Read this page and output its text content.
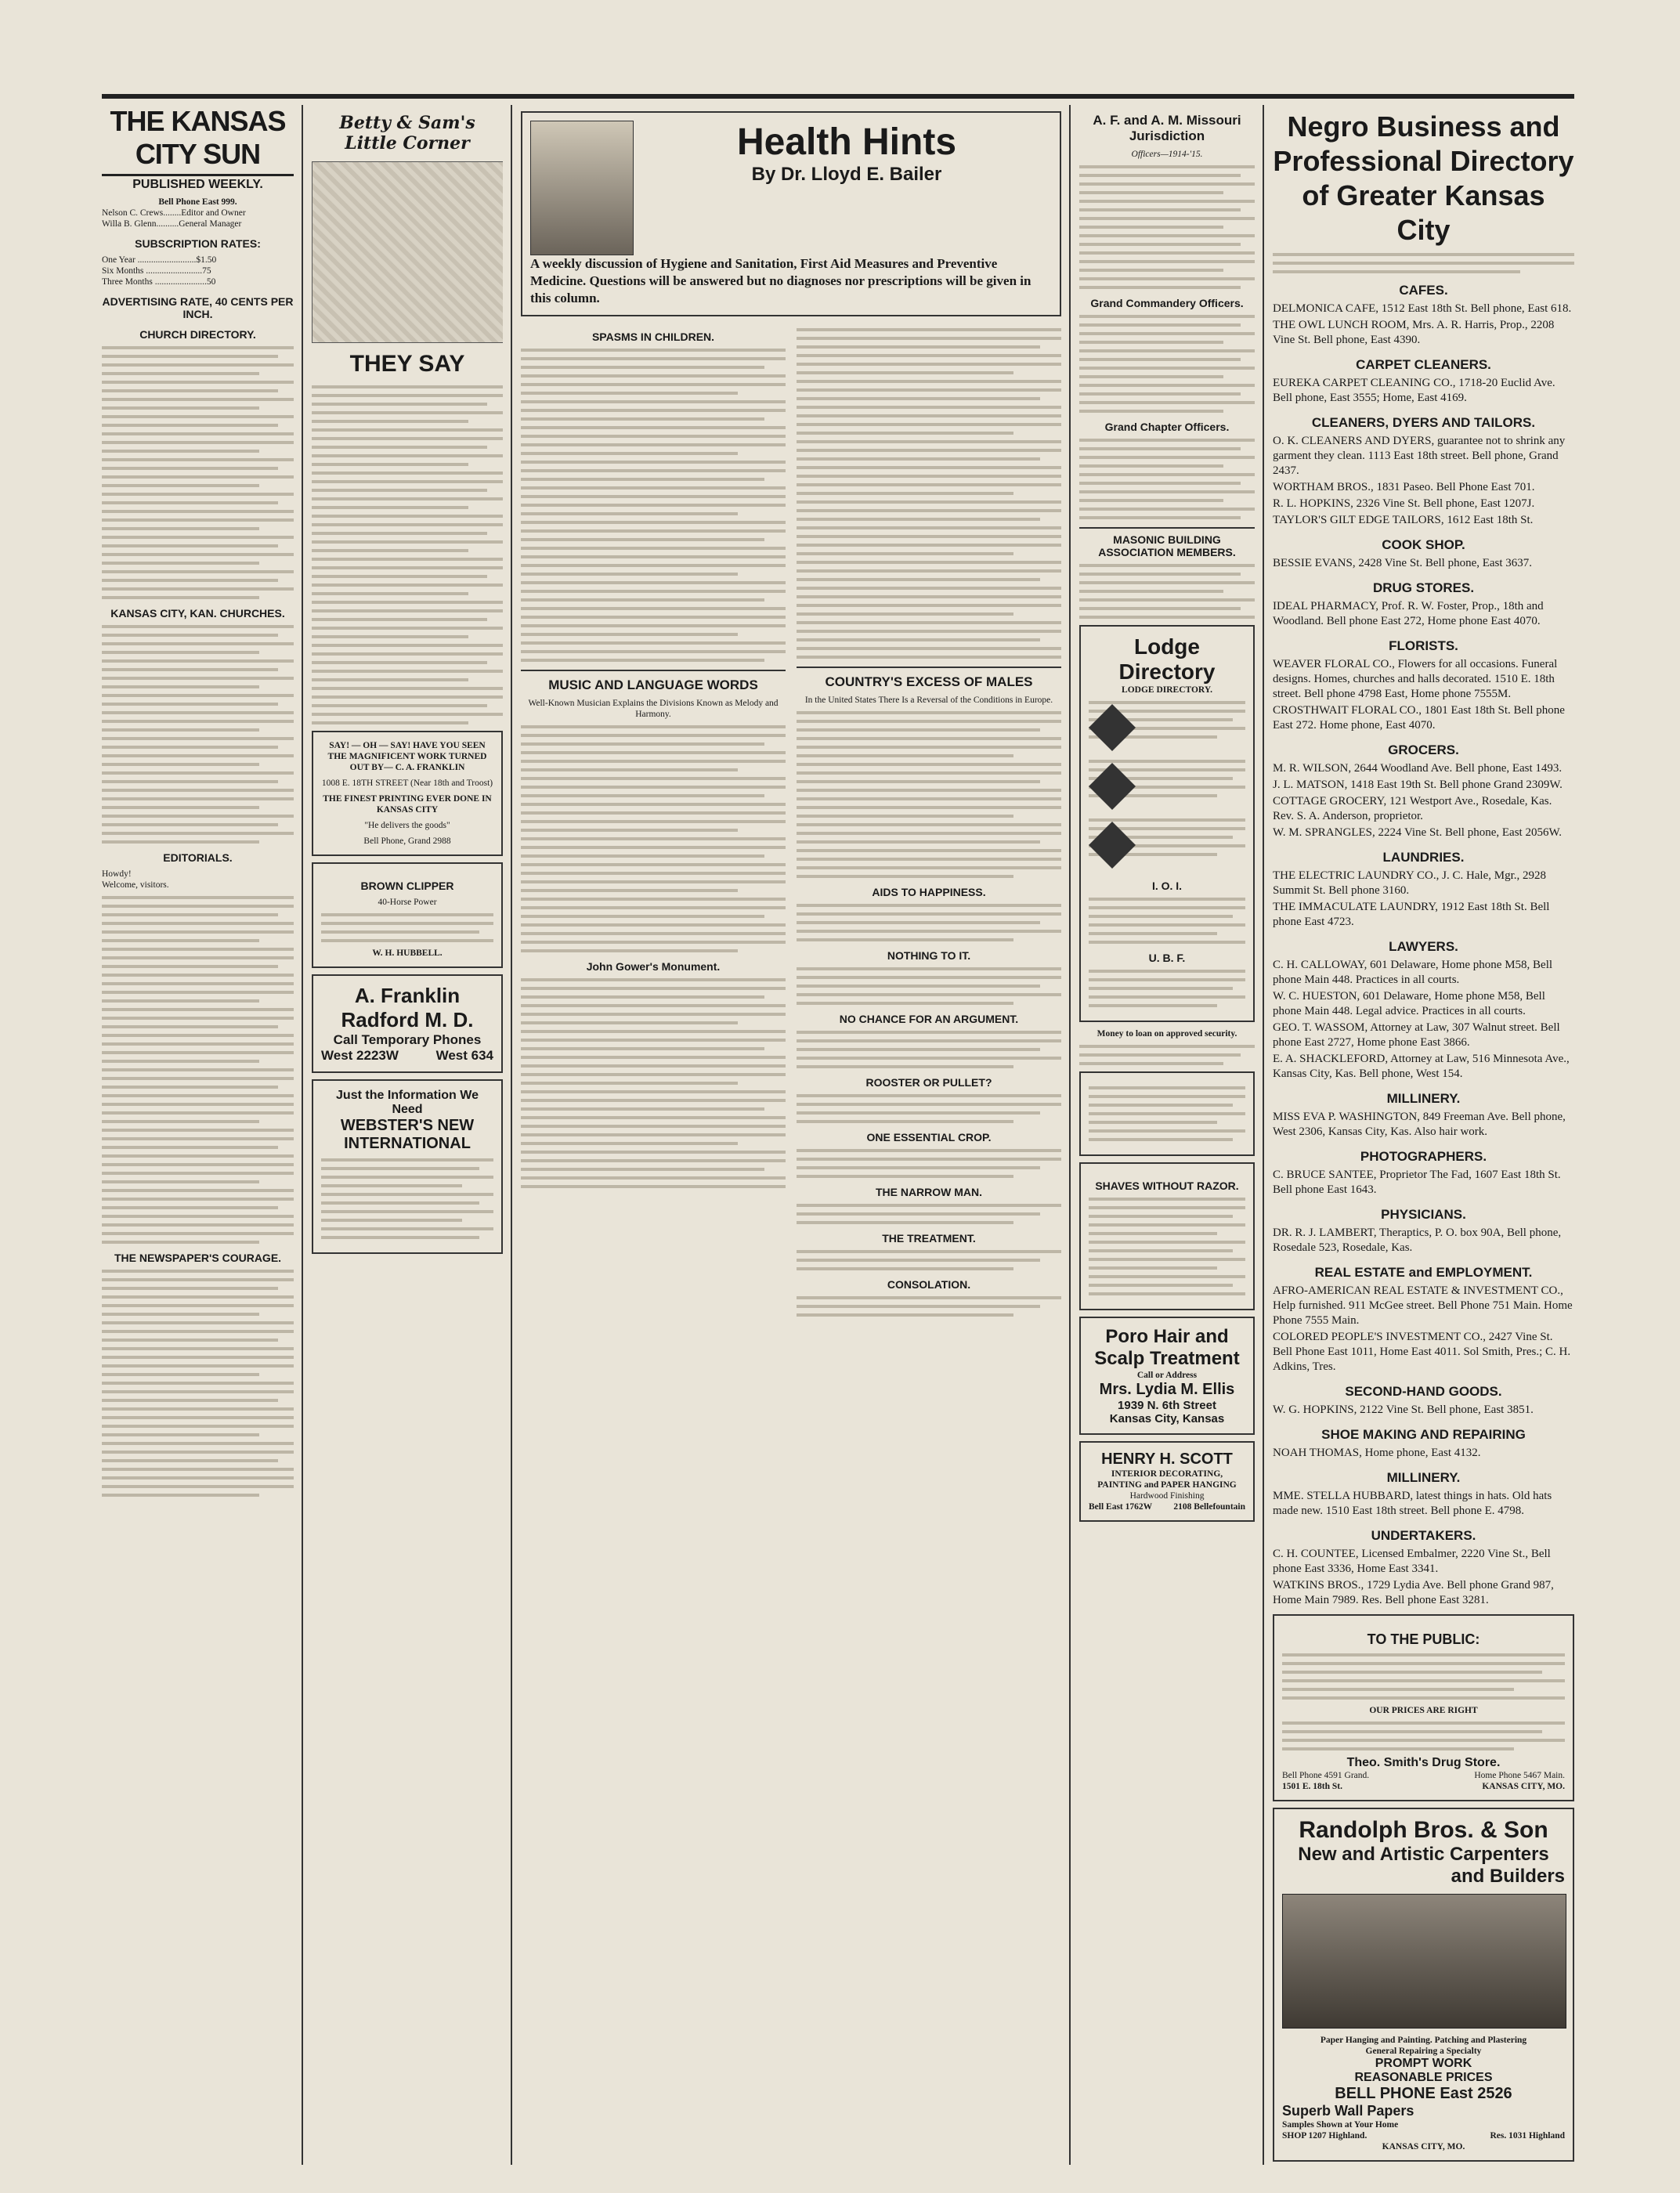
THE KANSAS CITY SUN
PUBLISHED WEEKLY.
Bell Phone East 999.
Nelson C. Crews........Editor and Owner
Willa B. Glenn..........General Manager
SUBSCRIPTION RATES:
One Year ..........................$1.50
Six Months .........................75
Three Months .......................50
ADVERTISING RATE, 40 CENTS PER INCH.
CHURCH DIRECTORY.
KANSAS CITY, KAN. CHURCHES.
EDITORIALS.
Howdy!
Welcome, visitors.
THE NEWSPAPER'S COURAGE.
Betty & Sam's Little Corner
THEY SAY
SAY! — OH — SAY! HAVE YOU SEEN THE MAGNIFICENT WORK TURNED OUT BY— C. A. FRANKLIN
1008 E. 18TH STREET (Near 18th and Troost)
THE FINEST PRINTING EVER DONE IN KANSAS CITY
"He delivers the goods"
Bell Phone, Grand 2988
BROWN CLIPPER
40-Horse Power
W. H. HUBBELL.
A. Franklin Radford M. D.
Call Temporary Phones
West 2223W	West 634
Just the Information We Need
WEBSTER'S NEW INTERNATIONAL
Health Hints
By Dr. Lloyd E. Bailer
A weekly discussion of Hygiene and Sanitation, First Aid Measures and Preventive Medicine. Questions will be answered but no diagnoses nor prescriptions will be given in this column.
SPASMS IN CHILDREN.
MUSIC AND LANGUAGE WORDS
Well-Known Musician Explains the Divisions Known as Melody and Harmony.
John Gower's Monument.
COUNTRY'S EXCESS OF MALES
In the United States There Is a Reversal of the Conditions in Europe.
AIDS TO HAPPINESS.
NOTHING TO IT.
NO CHANCE FOR AN ARGUMENT.
ROOSTER OR PULLET?
ONE ESSENTIAL CROP.
THE NARROW MAN.
THE TREATMENT.
CONSOLATION.
A. F. and A. M. Missouri Jurisdiction
Officers—1914-'15.
Grand Commandery Officers.
Grand Chapter Officers.
MASONIC BUILDING ASSOCIATION MEMBERS.
Lodge Directory
LODGE DIRECTORY.
I. O. I.
U. B. F.
Money to loan on approved security.
SHAVES WITHOUT RAZOR.
Poro Hair and Scalp Treatment
Call or Address
Mrs. Lydia M. Ellis
1939 N. 6th Street
Kansas City, Kansas
HENRY H. SCOTT
INTERIOR DECORATING, PAINTING and PAPER HANGING
Hardwood Finishing
Bell East 1762W 2108 Bellefountain
Negro Business and Professional Directory of Greater Kansas City
CAFES.
DELMONICA CAFE, 1512 East 18th St. Bell phone, East 618.
THE OWL LUNCH ROOM, Mrs. A. R. Harris, Prop., 2208 Vine St. Bell phone, East 4390.
CARPET CLEANERS.
EUREKA CARPET CLEANING CO., 1718-20 Euclid Ave. Bell phone, East 3555; Home, East 4169.
CLEANERS, DYERS AND TAILORS.
O. K. CLEANERS AND DYERS, guarantee not to shrink any garment they clean. 1113 East 18th street. Bell phone, Grand 2437.
WORTHAM BROS., 1831 Paseo. Bell Phone East 701.
R. L. HOPKINS, 2326 Vine St. Bell phone, East 1207J.
TAYLOR'S GILT EDGE TAILORS, 1612 East 18th St.
COOK SHOP.
BESSIE EVANS, 2428 Vine St. Bell phone, East 3637.
DRUG STORES.
IDEAL PHARMACY, Prof. R. W. Foster, Prop., 18th and Woodland. Bell phone East 272, Home phone East 4070.
FLORISTS.
WEAVER FLORAL CO., Flowers for all occasions. Funeral designs. Homes, churches and halls decorated. 1510 E. 18th street. Bell phone 4798 East, Home phone 7555M.
CROSTHWAIT FLORAL CO., 1801 East 18th St. Bell phone East 272. Home phone, East 4070.
GROCERS.
M. R. WILSON, 2644 Woodland Ave. Bell phone, East 1493.
J. L. MATSON, 1418 East 19th St. Bell phone Grand 2309W.
COTTAGE GROCERY, 121 Westport Ave., Rosedale, Kas. Rev. S. A. Anderson, proprietor.
W. M. SPRANGLES, 2224 Vine St. Bell phone, East 2056W.
LAUNDRIES.
THE ELECTRIC LAUNDRY CO., J. C. Hale, Mgr., 2928 Summit St. Bell phone 3160.
THE IMMACULATE LAUNDRY, 1912 East 18th St. Bell phone East 4723.
LAWYERS.
C. H. CALLOWAY, 601 Delaware, Home phone M58, Bell phone Main 448. Practices in all courts.
W. C. HUESTON, 601 Delaware, Home phone M58, Bell phone Main 448. Legal advice. Practices in all courts.
GEO. T. WASSOM, Attorney at Law, 307 Walnut street. Bell phone East 2727, Home phone East 3866.
E. A. SHACKLEFORD, Attorney at Law, 516 Minnesota Ave., Kansas City, Kas. Bell phone, West 154.
MILLINERY.
MISS EVA P. WASHINGTON, 849 Freeman Ave. Bell phone, West 2306, Kansas City, Kas. Also hair work.
PHOTOGRAPHERS.
C. BRUCE SANTEE, Proprietor The Fad, 1607 East 18th St. Bell phone East 1643.
PHYSICIANS.
DR. R. J. LAMBERT, Theraptics, P. O. box 90A, Bell phone, Rosedale 523, Rosedale, Kas.
REAL ESTATE and EMPLOYMENT.
AFRO-AMERICAN REAL ESTATE & INVESTMENT CO., Help furnished. 911 McGee street. Bell Phone 751 Main. Home Phone 7555 Main.
COLORED PEOPLE'S INVESTMENT CO., 2427 Vine St. Bell Phone East 1011, Home East 4011. Sol Smith, Pres.; C. H. Adkins, Tres.
SECOND-HAND GOODS.
W. G. HOPKINS, 2122 Vine St. Bell phone, East 3851.
SHOE MAKING AND REPAIRING
NOAH THOMAS, Home phone, East 4132.
MILLINERY.
MME. STELLA HUBBARD, latest things in hats. Old hats made new. 1510 East 18th street. Bell phone E. 4798.
UNDERTAKERS.
C. H. COUNTEE, Licensed Embalmer, 2220 Vine St., Bell phone East 3336, Home East 3341.
WATKINS BROS., 1729 Lydia Ave. Bell phone Grand 987, Home Main 7989. Res. Bell phone East 3281.
TO THE PUBLIC:
OUR PRICES ARE RIGHT
Theo. Smith's Drug Store.
Bell Phone 4591 Grand.	Home Phone 5467 Main.
1501 E. 18th St.	KANSAS CITY, MO.
Randolph Bros. & Son
New and Artistic Carpenters
and Builders
Paper Hanging and Painting. Patching and Plastering
General Repairing a Specialty
PROMPT WORK
REASONABLE PRICES
BELL PHONE East 2526
Superb Wall Papers
Samples Shown at Your Home
SHOP 1207 Highland.	Res. 1031 Highland
KANSAS CITY, MO.
